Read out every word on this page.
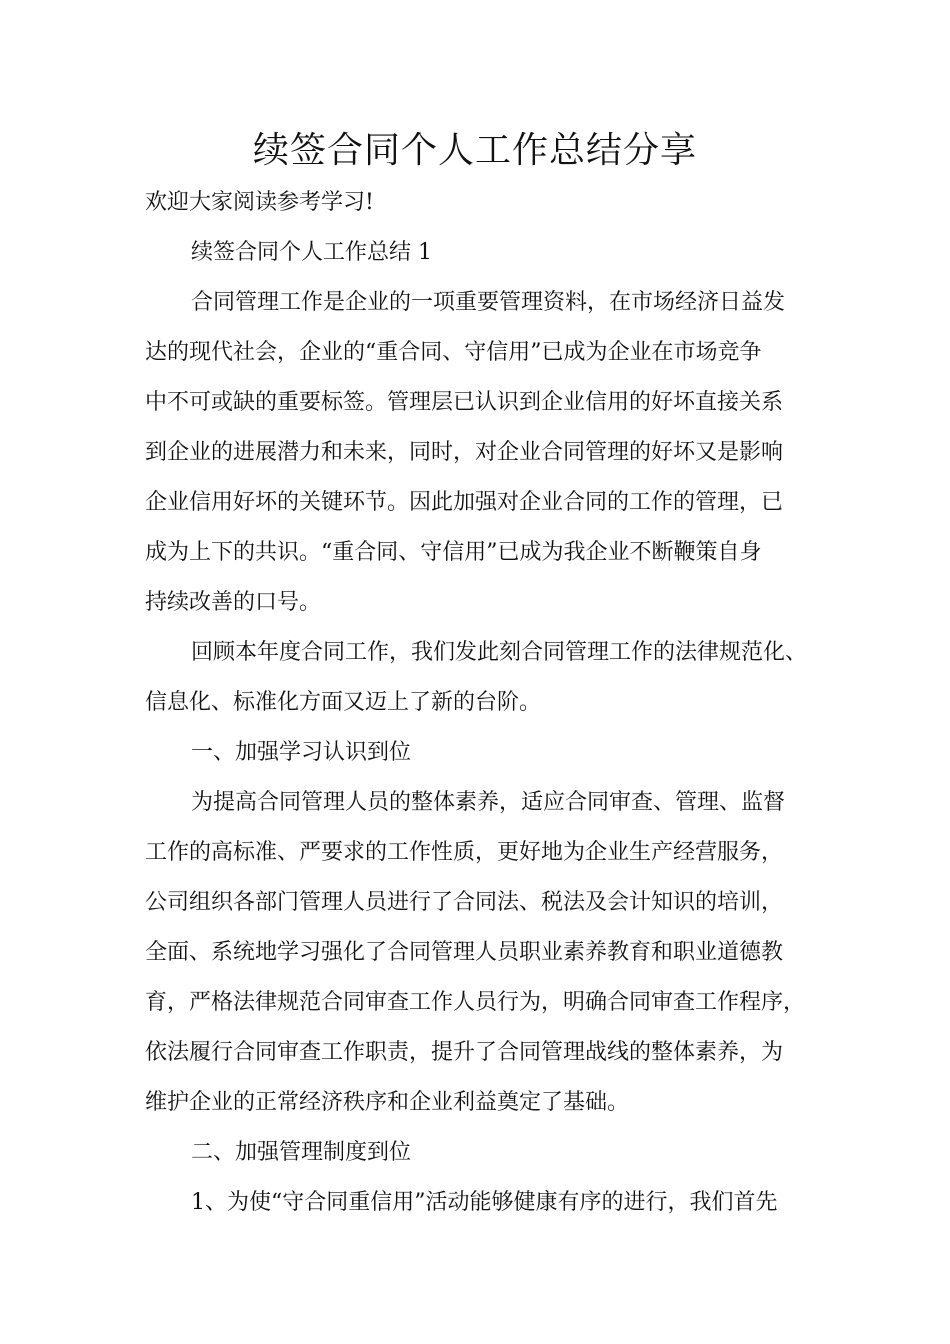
续签合同个人工作总结分享

欢迎大家阅读参考学习!

续签合同个人工作总结 1

合同管理工作是企业的一项重要管理资料，在市场经济日益发

达的现代社会，企业的“重合同、守信用”已成为企业在市场竞争

中不可或缺的重要标签。管理层已认识到企业信用的好坏直接关系

到企业的进展潜力和未来，同时，对企业合同管理的好坏又是影响

企业信用好坏的关键环节。因此加强对企业合同的工作的管理，已

成为上下的共识。“重合同、守信用”已成为我企业不断鞭策自身

持续改善的口号。

回顾本年度合同工作，我们发此刻合同管理工作的法律规范化、

信息化、标准化方面又迈上了新的台阶。

一、加强学习认识到位

为提高合同管理人员的整体素养，适应合同审查、管理、监督

工作的高标准、严要求的工作性质，更好地为企业生产经营服务，

公司组织各部门管理人员进行了合同法、税法及会计知识的培训，

全面、系统地学习强化了合同管理人员职业素养教育和职业道德教

育，严格法律规范合同审查工作人员行为，明确合同审查工作程序，

依法履行合同审查工作职责，提升了合同管理战线的整体素养，为

维护企业的正常经济秩序和企业利益奠定了基础。

二、加强管理制度到位

1、为使“守合同重信用”活动能够健康有序的进行，我们首先
